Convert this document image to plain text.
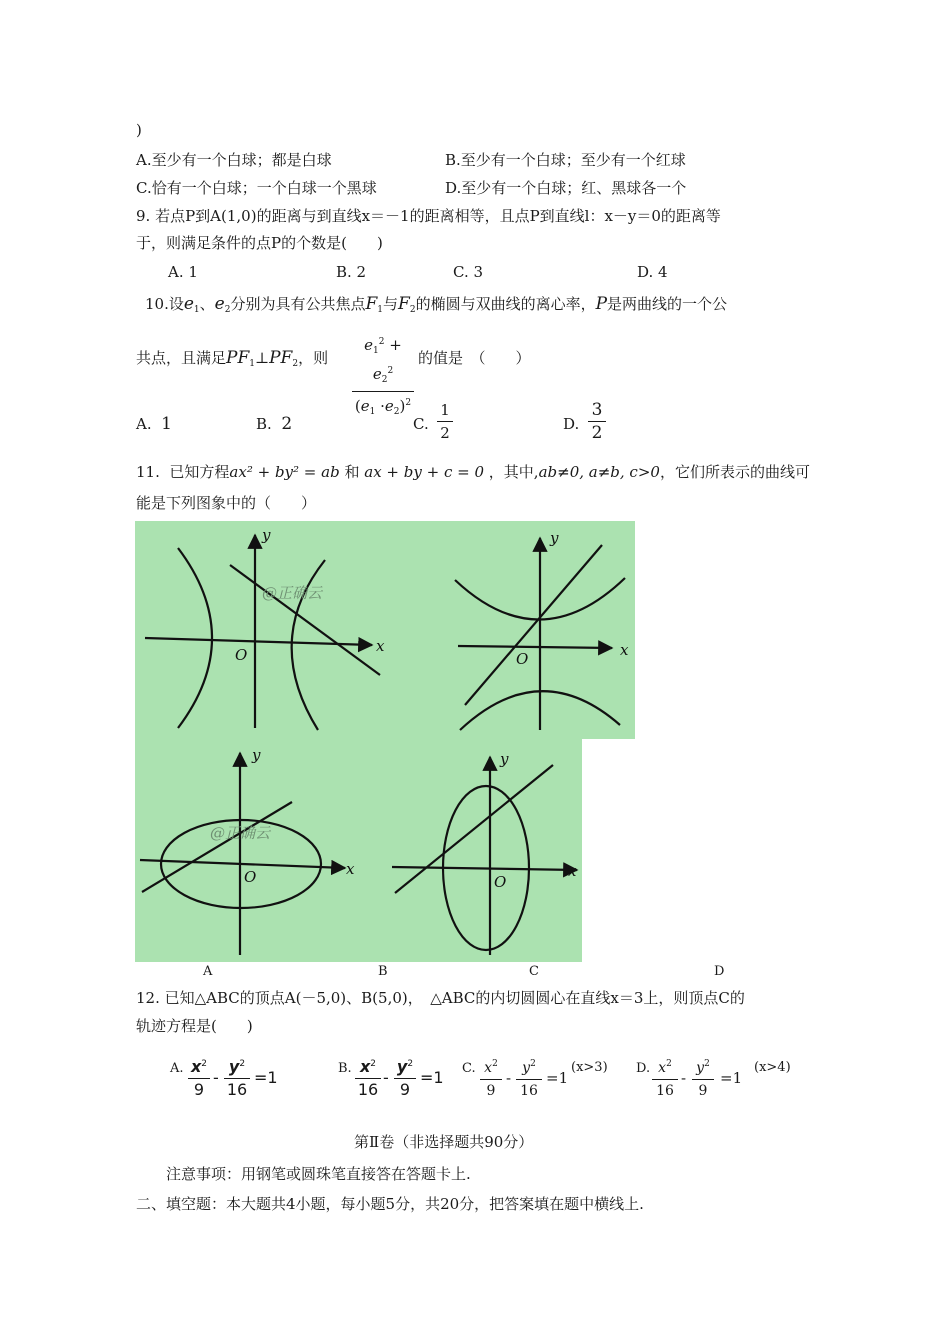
)
A.至少有一个白球；都是白球	B.至少有一个白球；至少有一个红球
C.恰有一个白球；一个白球一个黑球	D.至少有一个白球；红、黑球各一个
9. 若点P到A(1,0)的距离与到直线x＝－1的距离相等，且点P到直线l：x－y＝0的距离等
于，则满足条件的点P的个数是(　　)
A. 1	B. 2	C. 3	D. 4
10.设$e_1$、$e_2$分别为具有公共焦点$F_1$与$F_2$的椭圆与双曲线的离心率，P是两曲线的一个公
共点，且满足$PF_1\perp PF_2$，则
$e_1^2 + e_2^2$
$(e_1 \cdot e_2)^2$
的值是　 （　　）
A. 1	B. 2	C.
1
2	D.
3
2
11. 已知方程ax² + by² = ab 和 ax + by + c = 0 ，其中,ab≠0, a≠b, c>0，它们所表示的曲线可
能是下列图象中的（　　）
x
y
O	x
y
O
x
y
O	x
y
O
@正确云
@正确云
A	B	C	D
12. 已知△ABC的顶点A(－5,0)、B(5,0)，　△ABC的内切圆圆心在直线x＝3上，则顶点C的
轨迹方程是(　　)
A. $x^2$
9
-
$y^2$
16
=1	B. $x^2$
16
-
$y^2$
9
=1 C. $x^2$
9
-
$y^2$
16
=1
(x>3) D. $x^2$
16
-
$y^2$
9
=1
(x>4)
第Ⅱ卷（非选择题共90分）
注意事项：用钢笔或圆珠笔直接答在答题卡上.
二、填空题：本大题共4小题，每小题5分，共20分，把答案填在题中横线上.
